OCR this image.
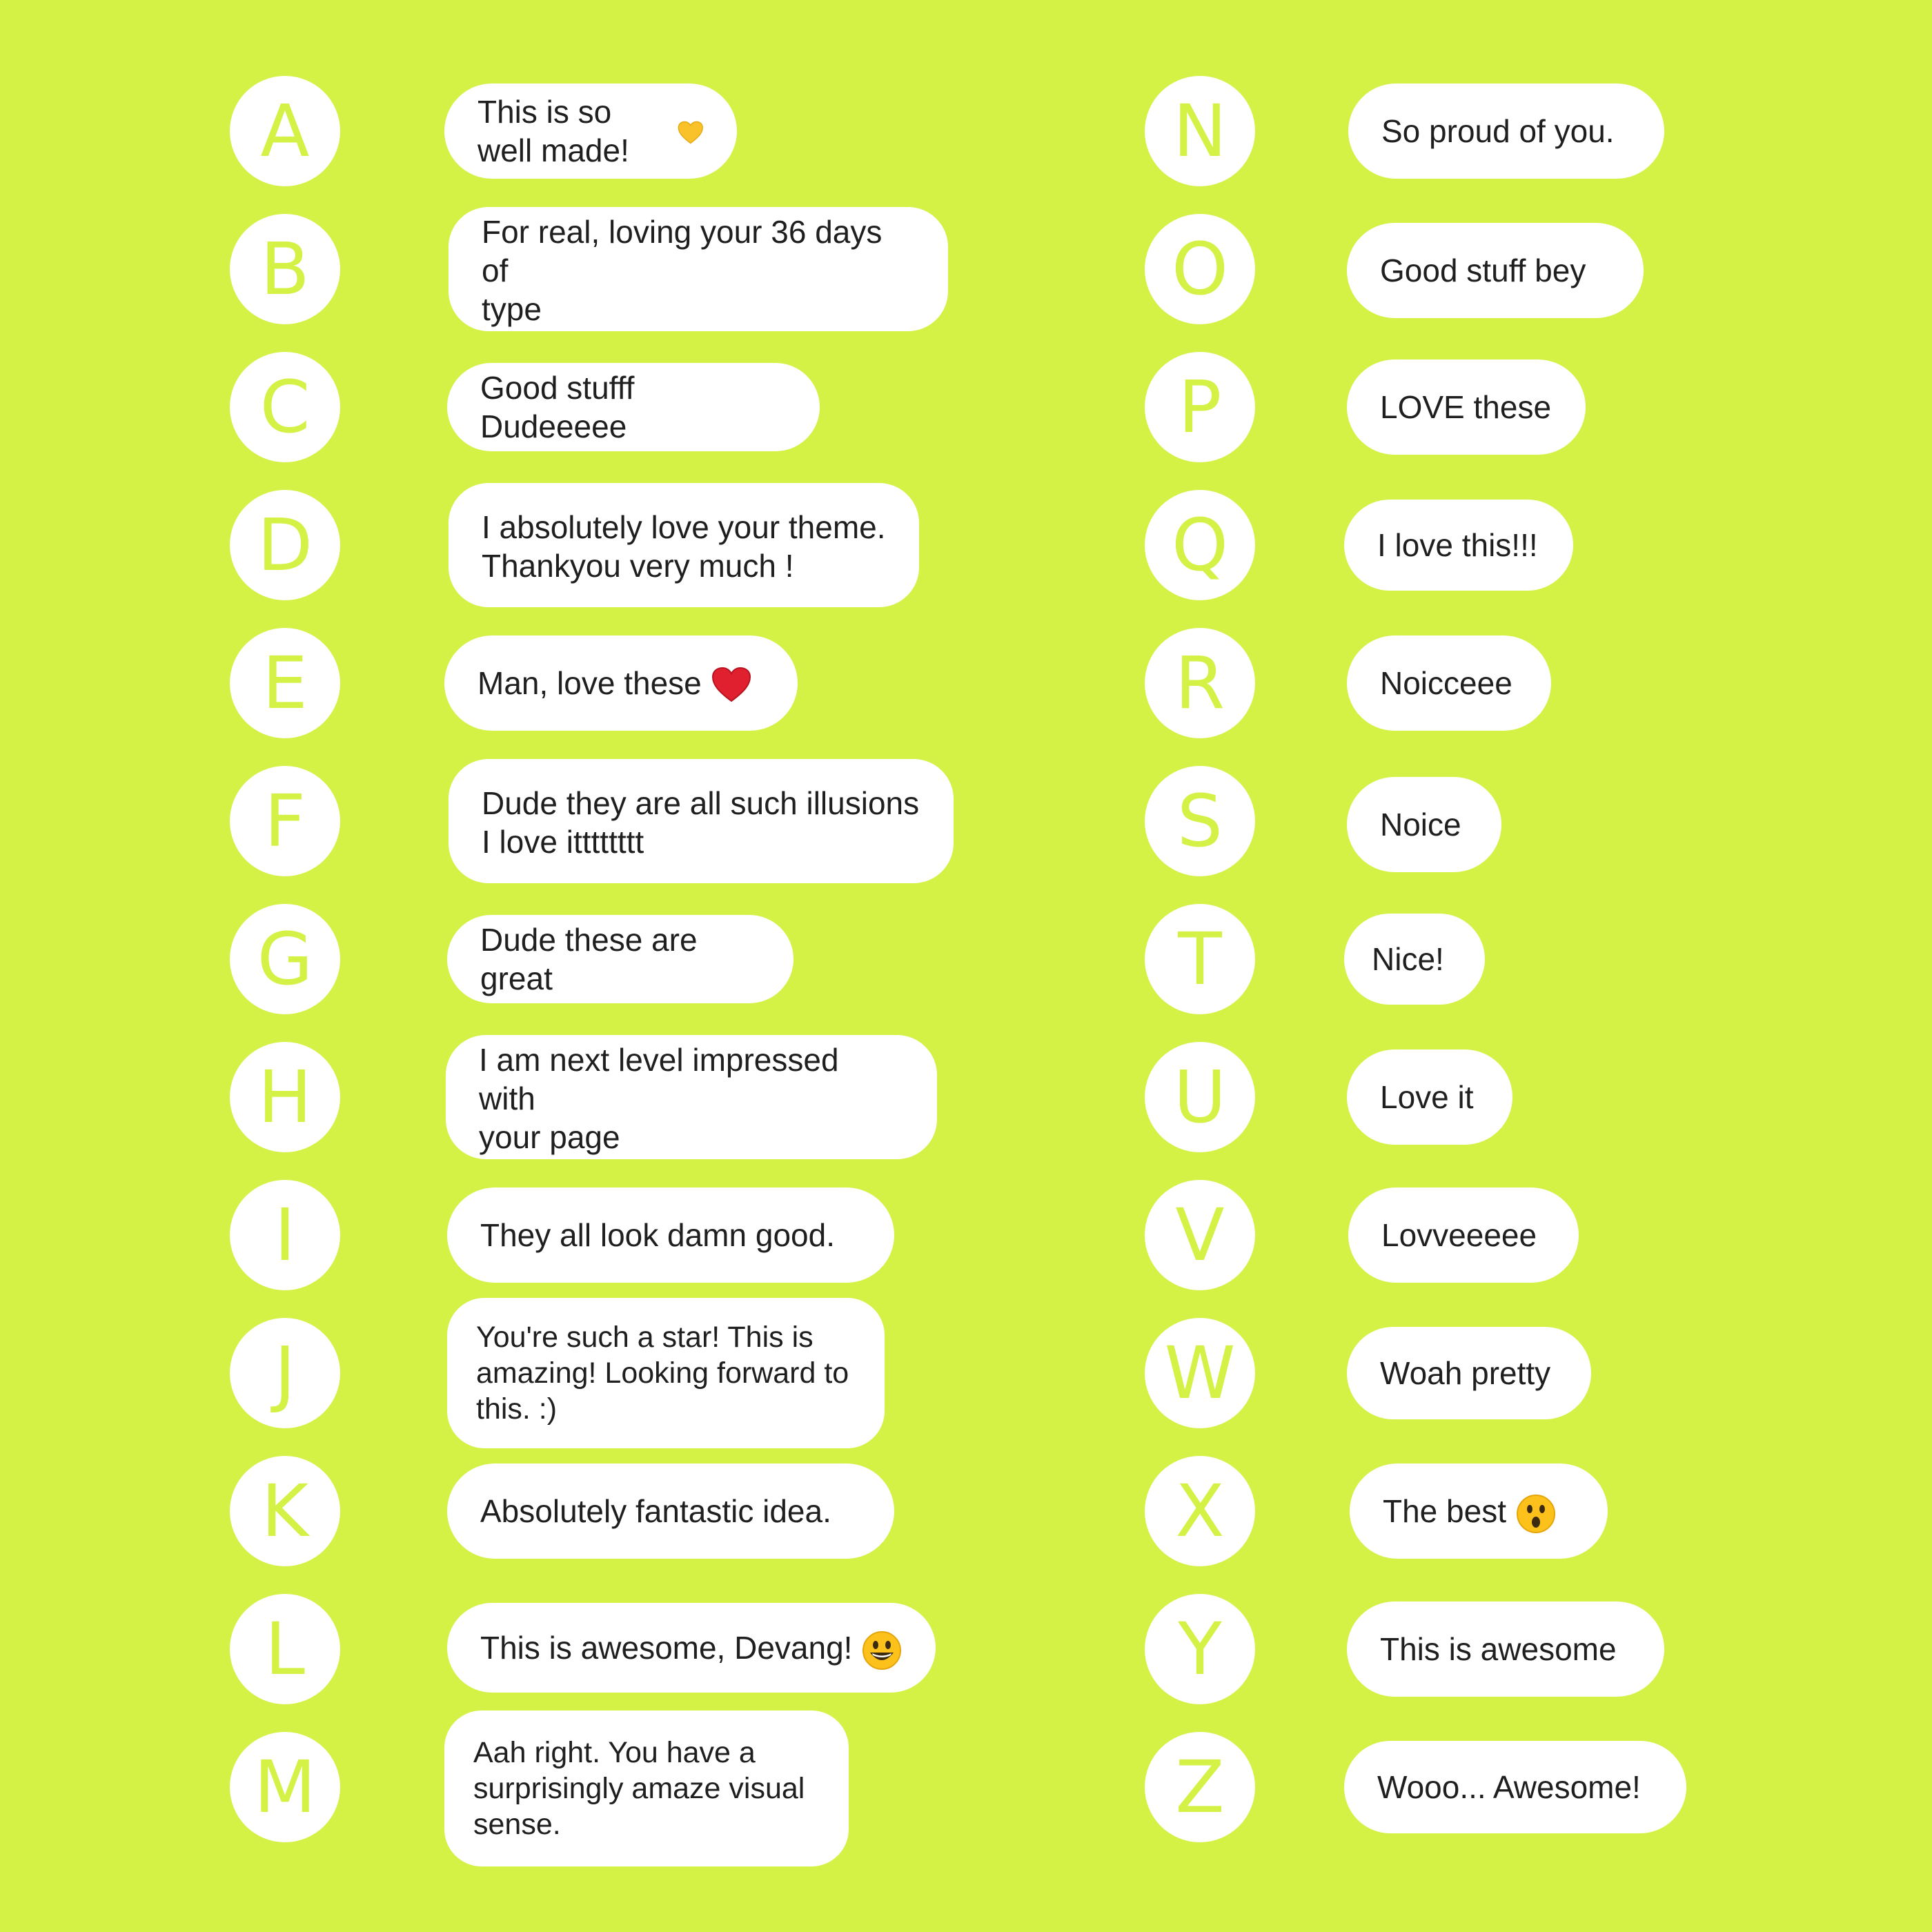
A	This is so well made!
B	For real, loving your 36 days of
type
C	Good stufff Dudeeeee
D	I absolutely love your theme.
Thankyou very much !
E	Man, love these
F	Dude they are all such illusions
I love itttttttt
G	Dude these are great
H	I am next level impressed with
your page
I	They all look damn good.
J	You're such a star! This is
amazing! Looking forward to
this. :)
K	Absolutely fantastic idea.
L	This is awesome, Devang!
M	Aah right. You have a
surprisingly amaze visual
sense.
N	So proud of you.
O	Good stuff bey
P	LOVE these
Q	I love this!!!
R	Noicceee
S	Noice
T	Nice!
U	Love it
V	Lovveeeee
W	Woah pretty
X	The best
Y	This is awesome
Z	Wooo... Awesome!
